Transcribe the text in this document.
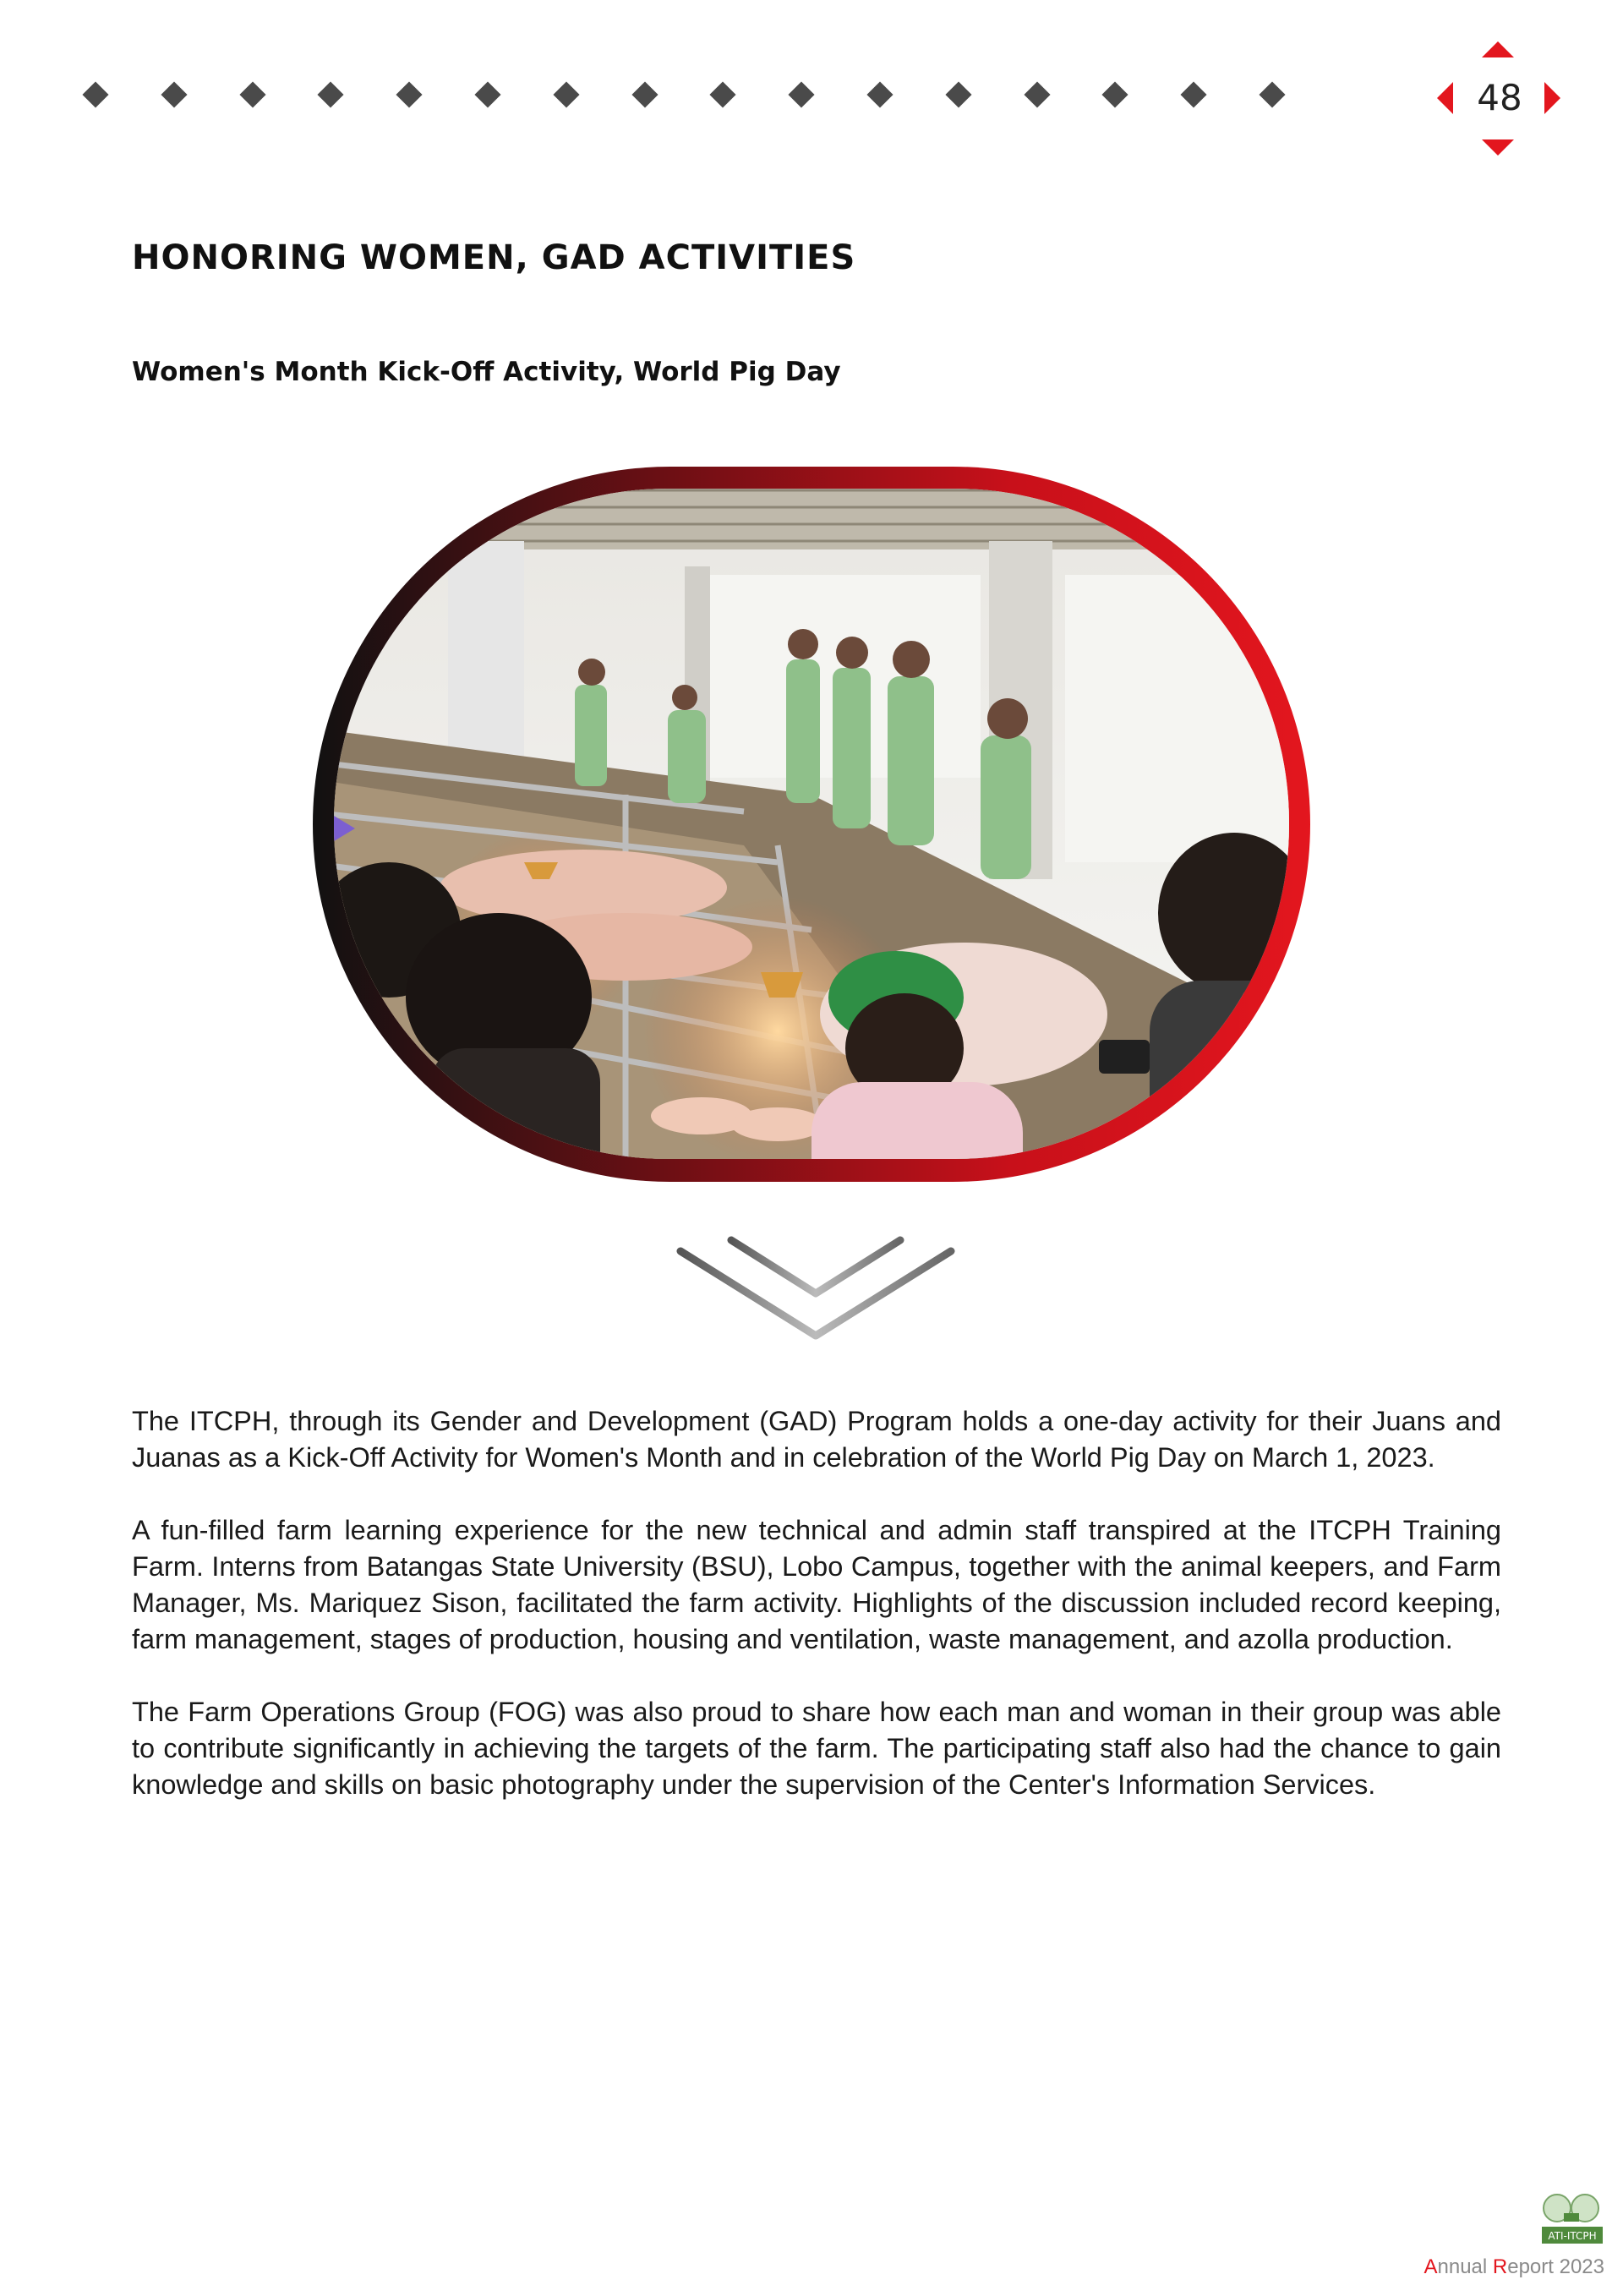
48
HONORING WOMEN, GAD ACTIVITIES
Women's Month Kick-Off Activity, World Pig Day

The ITCPH, through its Gender and Development (GAD) Program holds a one-day activity for their Juans and Juanas as a Kick-Off Activity for Women's Month and in celebration of the World Pig Day on March 1, 2023.

A fun-filled farm learning experience for the new technical and admin staff transpired at the ITCPH Training Farm. Interns from Batangas State University (BSU), Lobo Campus, together with the animal keepers, and Farm Manager, Ms. Mariquez Sison, facilitated the farm activity. Highlights of the discussion included record keeping, farm management, stages of production, housing and ventilation, waste management, and azolla production.

The Farm Operations Group (FOG) was also proud to share how each man and woman in their group was able to contribute significantly in achieving the targets of the farm. The participating staff also had the chance to gain knowledge and skills on basic photography under the supervision of the Center's Information Services.

ATI-ITCPH
Annual Report 2023
